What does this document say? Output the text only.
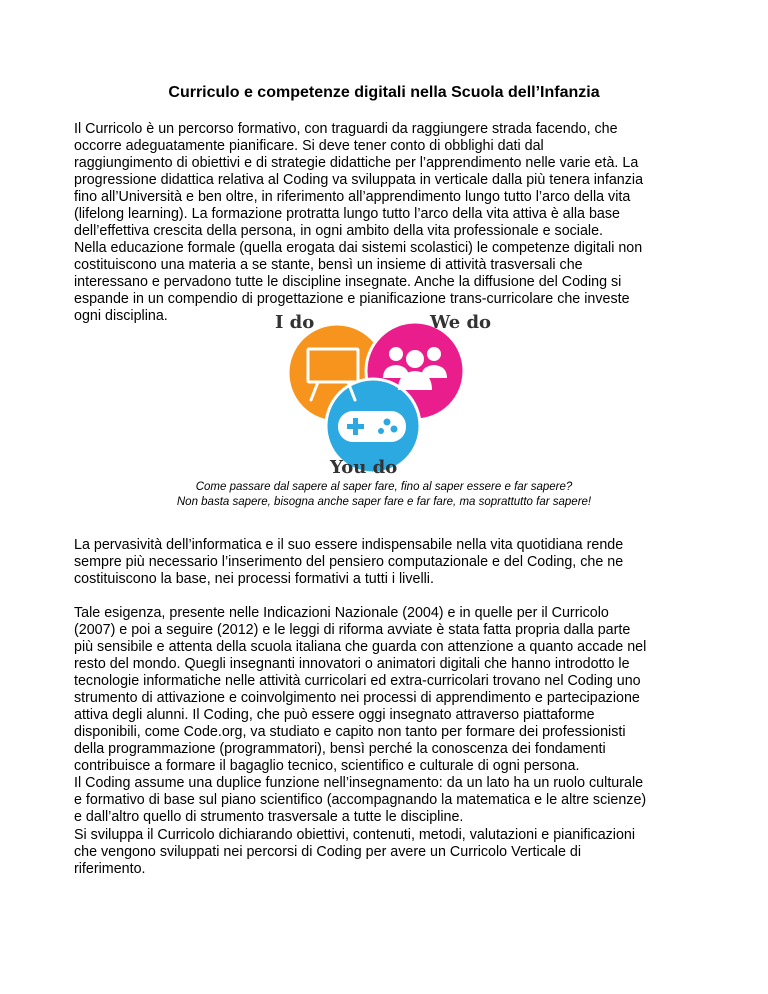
Curriculo e competenze digitali nella Scuola dell’Infanzia

Il Curricolo è un percorso formativo, con traguardi da raggiungere strada facendo, che
occorre adeguatamente pianificare. Si deve tener conto di obblighi dati dal
raggiungimento di obiettivi e di strategie didattiche per l’apprendimento nelle varie età. La
progressione didattica relativa al Coding va sviluppata in verticale dalla più tenera infanzia
fino all’Università e ben oltre, in riferimento all’apprendimento lungo tutto l’arco della vita
(lifelong learning). La formazione protratta lungo tutto l’arco della vita attiva è alla base
dell’effettiva crescita della persona, in ogni ambito della vita professionale e sociale.
Nella educazione formale (quella erogata dai sistemi scolastici) le competenze digitali non
costituiscono una materia a se stante, bensì un insieme di attività trasversali che
interessano e pervadono tutte le discipline insegnate. Anche la diffusione del Coding si
espande in un compendio di progettazione e pianificazione trans-curricolare che investe
ogni disciplina.	I do	We do
You do
Come passare dal sapere al saper fare, fino al saper essere e far sapere?
Non basta sapere, bisogna anche saper fare e far fare, ma soprattutto far sapere!

La pervasività dell’informatica e il suo essere indispensabile nella vita quotidiana rende
sempre più necessario l’inserimento del pensiero computazionale e del Coding, che ne
costituiscono la base, nei processi formativi a tutti i livelli.

Tale esigenza, presente nelle Indicazioni Nazionale (2004) e in quelle per il Curricolo
(2007) e poi a seguire (2012) e le leggi di riforma avviate è stata fatta propria dalla parte
più sensibile e attenta della scuola italiana che guarda con attenzione a quanto accade nel
resto del mondo. Quegli insegnanti innovatori o animatori digitali che hanno introdotto le
tecnologie informatiche nelle attività curricolari ed extra-curricolari trovano nel Coding uno
strumento di attivazione e coinvolgimento nei processi di apprendimento e partecipazione
attiva degli alunni. Il Coding, che può essere oggi insegnato attraverso piattaforme
disponibili, come Code.org, va studiato e capito non tanto per formare dei professionisti
della programmazione (programmatori), bensì perché la conoscenza dei fondamenti
contribuisce a formare il bagaglio tecnico, scientifico e culturale di ogni persona.
Il Coding assume una duplice funzione nell’insegnamento: da un lato ha un ruolo culturale
e formativo di base sul piano scientifico (accompagnando la matematica e le altre scienze)
e dall’altro quello di strumento trasversale a tutte le discipline.

Si sviluppa il Curricolo dichiarando obiettivi, contenuti, metodi, valutazioni e pianificazioni
che vengono sviluppati nei percorsi di Coding per avere un Curricolo Verticale di
riferimento.
